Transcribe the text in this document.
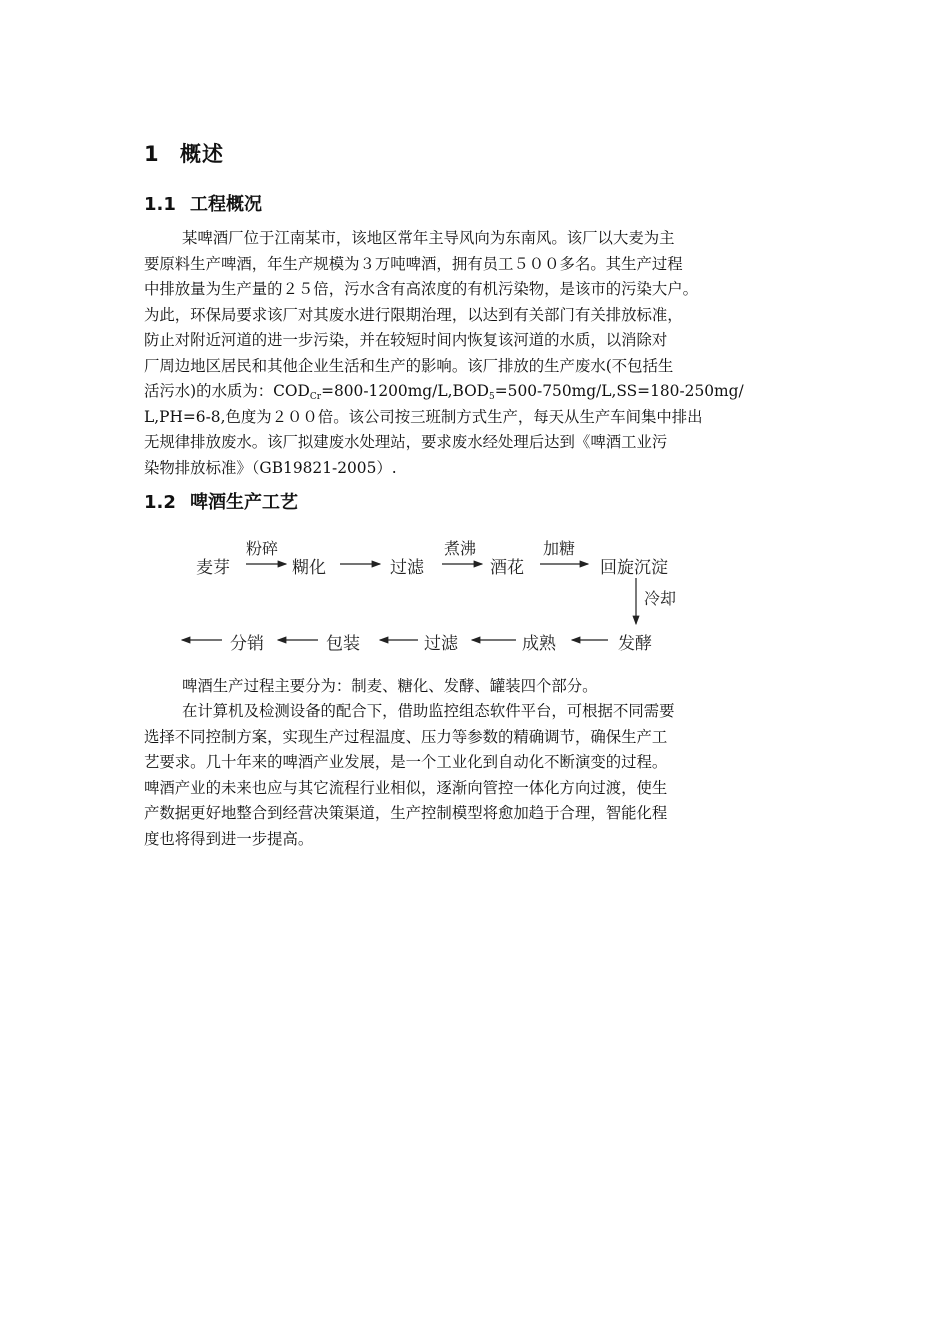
1 概述
1.1 工程概况
某啤酒厂位于江南某市，该地区常年主导风向为东南风。该厂以大麦为主
要原料生产啤酒，年生产规模为３万吨啤酒，拥有员工５００多名。其生产过程
中排放量为生产量的２５倍，污水含有高浓度的有机污染物，是该市的污染大户。
为此，环保局要求该厂对其废水进行限期治理，以达到有关部门有关排放标准，
防止对附近河道的进一步污染，并在较短时间内恢复该河道的水质，以消除对
厂周边地区居民和其他企业生活和生产的影响。该厂排放的生产废水(不包括生
活污水)的水质为：$COD_{Cr}=800-1200mg/L,BOD_5=500-750mg/L,SS=180-250mg/$
L,PH=6-8,色度为２００倍。该公司按三班制方式生产，每天从生产车间集中排出
无规律排放废水。该厂拟建废水处理站，要求废水经处理后达到《啤酒工业污
染物排放标准》（GB19821-2005）.
1.2 啤酒生产工艺
麦芽	糊化	过滤	酒花	回旋沉淀
粉碎	煮沸	加糖
冷却
发酵
成熟
过滤
包装
分销
啤酒生产过程主要分为：制麦、糖化、发酵、罐装四个部分。
在计算机及检测设备的配合下，借助监控组态软件平台，可根据不同需要
选择不同控制方案，实现生产过程温度、压力等参数的精确调节，确保生产工
艺要求。几十年来的啤酒产业发展，是一个工业化到自动化不断演变的过程。
啤酒产业的未来也应与其它流程行业相似，逐渐向管控一体化方向过渡，使生
产数据更好地整合到经营决策渠道，生产控制模型将愈加趋于合理，智能化程
度也将得到进一步提高。
